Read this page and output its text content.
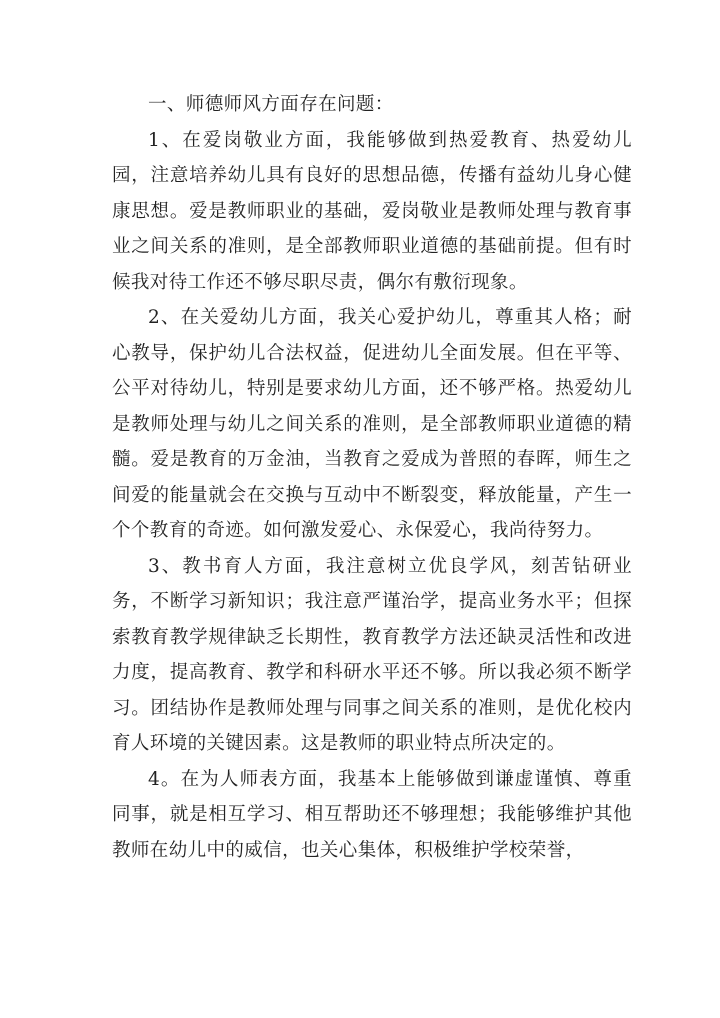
一、师德师风方面存在问题：

1、在爱岗敬业方面，我能够做到热爱教育、热爱幼儿园，注意培养幼儿具有良好的思想品德，传播有益幼儿身心健康思想。爱是教师职业的基础，爱岗敬业是教师处理与教育事业之间关系的准则，是全部教师职业道德的基础前提。但有时候我对待工作还不够尽职尽责，偶尔有敷衍现象。

2、在关爱幼儿方面，我关心爱护幼儿，尊重其人格；耐心教导，保护幼儿合法权益，促进幼儿全面发展。但在平等、公平对待幼儿，特别是要求幼儿方面，还不够严格。热爱幼儿是教师处理与幼儿之间关系的准则，是全部教师职业道德的精髓。爱是教育的万金油，当教育之爱成为普照的春晖，师生之间爱的能量就会在交换与互动中不断裂变，释放能量，产生一个个教育的奇迹。如何激发爱心、永保爱心，我尚待努力。

3、教书育人方面，我注意树立优良学风，刻苦钻研业务，不断学习新知识；我注意严谨治学，提高业务水平；但探索教育教学规律缺乏长期性，教育教学方法还缺灵活性和改进力度，提高教育、教学和科研水平还不够。所以我必须不断学习。团结协作是教师处理与同事之间关系的准则，是优化校内育人环境的关键因素。这是教师的职业特点所决定的。

4。在为人师表方面，我基本上能够做到谦虚谨慎、尊重同事，就是相互学习、相互帮助还不够理想；我能够维护其他教师在幼儿中的威信，也关心集体，积极维护学校荣誉，
